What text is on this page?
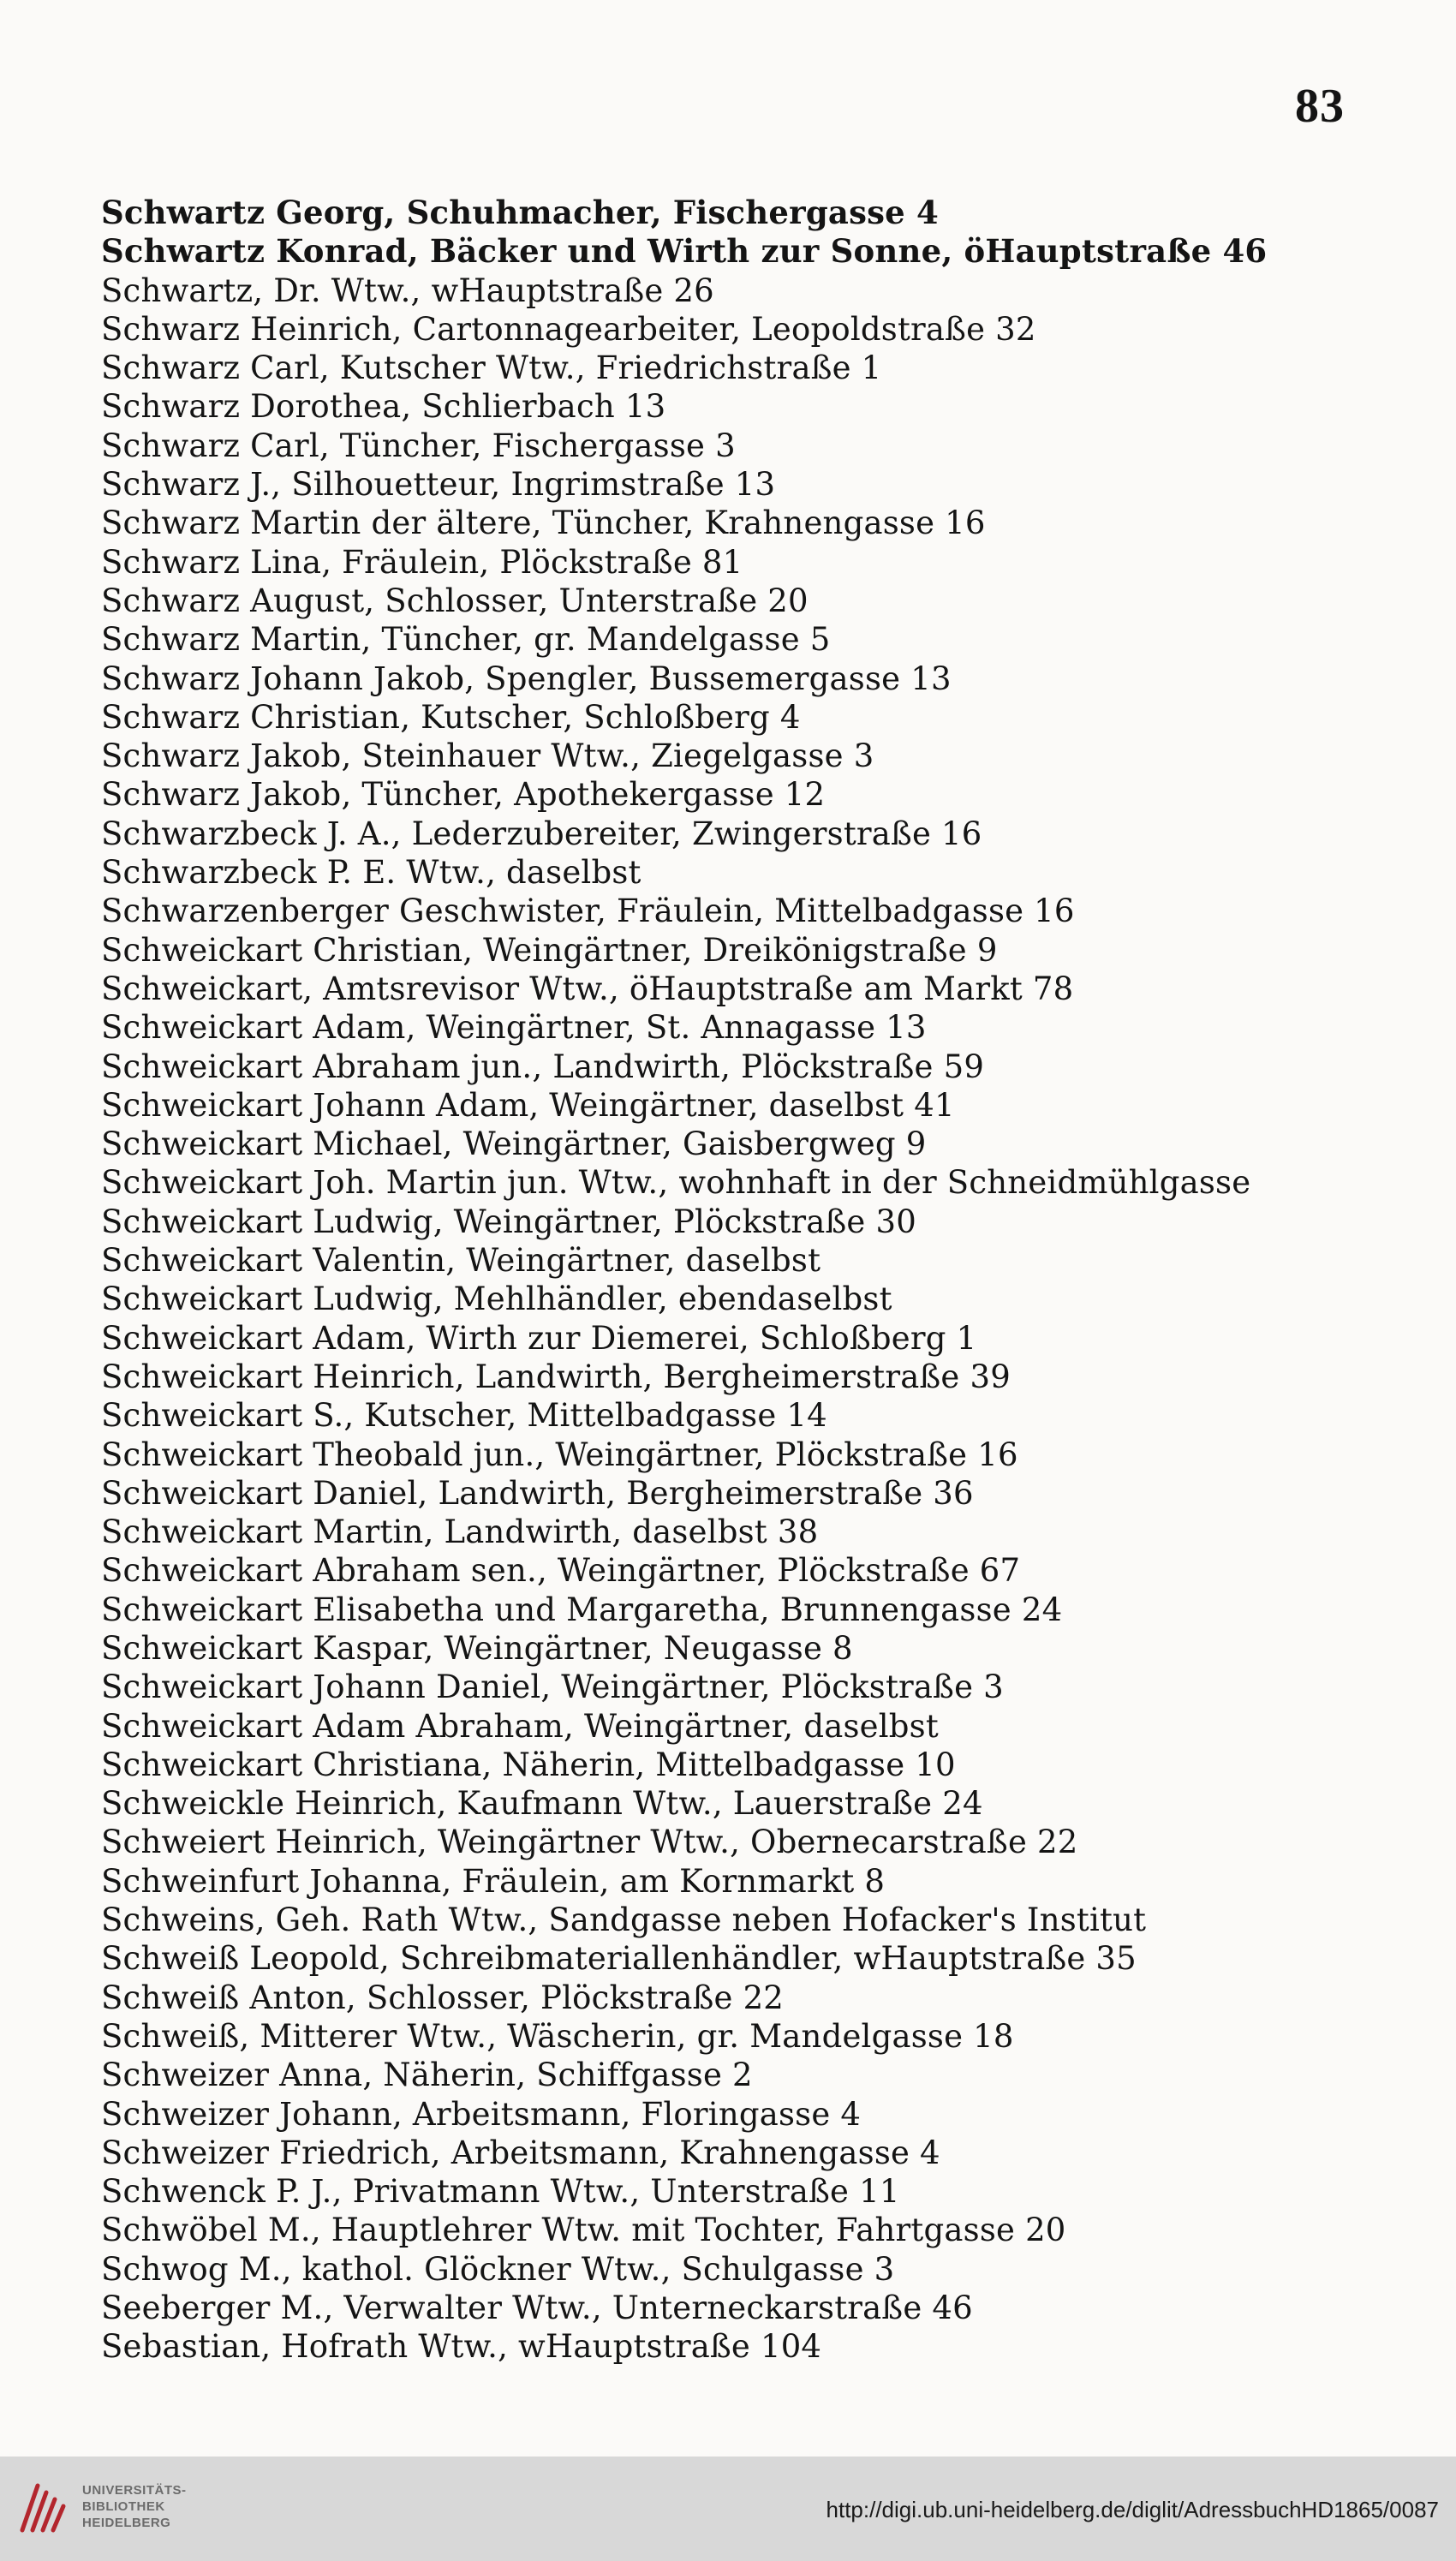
83
Schwartz Georg, Schuhmacher, Fischergasse 4
Schwartz Konrad, Bäcker und Wirth zur Sonne, öHauptstraße 46
Schwartz, Dr. Wtw., wHauptstraße 26
Schwarz Heinrich, Cartonnagearbeiter, Leopoldstraße 32
Schwarz Carl, Kutscher Wtw., Friedrichstraße 1
Schwarz Dorothea, Schlierbach 13
Schwarz Carl, Tüncher, Fischergasse 3
Schwarz J., Silhouetteur, Ingrimstraße 13
Schwarz Martin der ältere, Tüncher, Krahnengasse 16
Schwarz Lina, Fräulein, Plöckstraße 81
Schwarz August, Schlosser, Unterstraße 20
Schwarz Martin, Tüncher, gr. Mandelgasse 5
Schwarz Johann Jakob, Spengler, Bussemergasse 13
Schwarz Christian, Kutscher, Schloßberg 4
Schwarz Jakob, Steinhauer Wtw., Ziegelgasse 3
Schwarz Jakob, Tüncher, Apothekergasse 12
Schwarzbeck J. A., Lederzubereiter, Zwingerstraße 16
Schwarzbeck P. E. Wtw., daselbst
Schwarzenberger Geschwister, Fräulein, Mittelbadgasse 16
Schweickart Christian, Weingärtner, Dreikönigstraße 9
Schweickart, Amtsrevisor Wtw., öHauptstraße am Markt 78
Schweickart Adam, Weingärtner, St. Annagasse 13
Schweickart Abraham jun., Landwirth, Plöckstraße 59
Schweickart Johann Adam, Weingärtner, daselbst 41
Schweickart Michael, Weingärtner, Gaisbergweg 9
Schweickart Joh. Martin jun. Wtw., wohnhaft in der Schneidmühlgasse
Schweickart Ludwig, Weingärtner, Plöckstraße 30
Schweickart Valentin, Weingärtner, daselbst
Schweickart Ludwig, Mehlhändler, ebendaselbst
Schweickart Adam, Wirth zur Diemerei, Schloßberg 1
Schweickart Heinrich, Landwirth, Bergheimerstraße 39
Schweickart S., Kutscher, Mittelbadgasse 14
Schweickart Theobald jun., Weingärtner, Plöckstraße 16
Schweickart Daniel, Landwirth, Bergheimerstraße 36
Schweickart Martin, Landwirth, daselbst 38
Schweickart Abraham sen., Weingärtner, Plöckstraße 67
Schweickart Elisabetha und Margaretha, Brunnengasse 24
Schweickart Kaspar, Weingärtner, Neugasse 8
Schweickart Johann Daniel, Weingärtner, Plöckstraße 3
Schweickart Adam Abraham, Weingärtner, daselbst
Schweickart Christiana, Näherin, Mittelbadgasse 10
Schweickle Heinrich, Kaufmann Wtw., Lauerstraße 24
Schweiert Heinrich, Weingärtner Wtw., Obernecarstraße 22
Schweinfurt Johanna, Fräulein, am Kornmarkt 8
Schweins, Geh. Rath Wtw., Sandgasse neben Hofacker's Institut
Schweiß Leopold, Schreibmateriallenhändler, wHauptstraße 35
Schweiß Anton, Schlosser, Plöckstraße 22
Schweiß, Mitterer Wtw., Wäscherin, gr. Mandelgasse 18
Schweizer Anna, Näherin, Schiffgasse 2
Schweizer Johann, Arbeitsmann, Floringasse 4
Schweizer Friedrich, Arbeitsmann, Krahnengasse 4
Schwenck P. J., Privatmann Wtw., Unterstraße 11
Schwöbel M., Hauptlehrer Wtw. mit Tochter, Fahrtgasse 20
Schwog M., kathol. Glöckner Wtw., Schulgasse 3
Seeberger M., Verwalter Wtw., Unterneckarstraße 46
Sebastian, Hofrath Wtw., wHauptstraße 104
UNIVERSITÄTS-
BIBLIOTHEK
HEIDELBERG
http://digi.ub.uni-heidelberg.de/diglit/AdressbuchHD1865/0087
